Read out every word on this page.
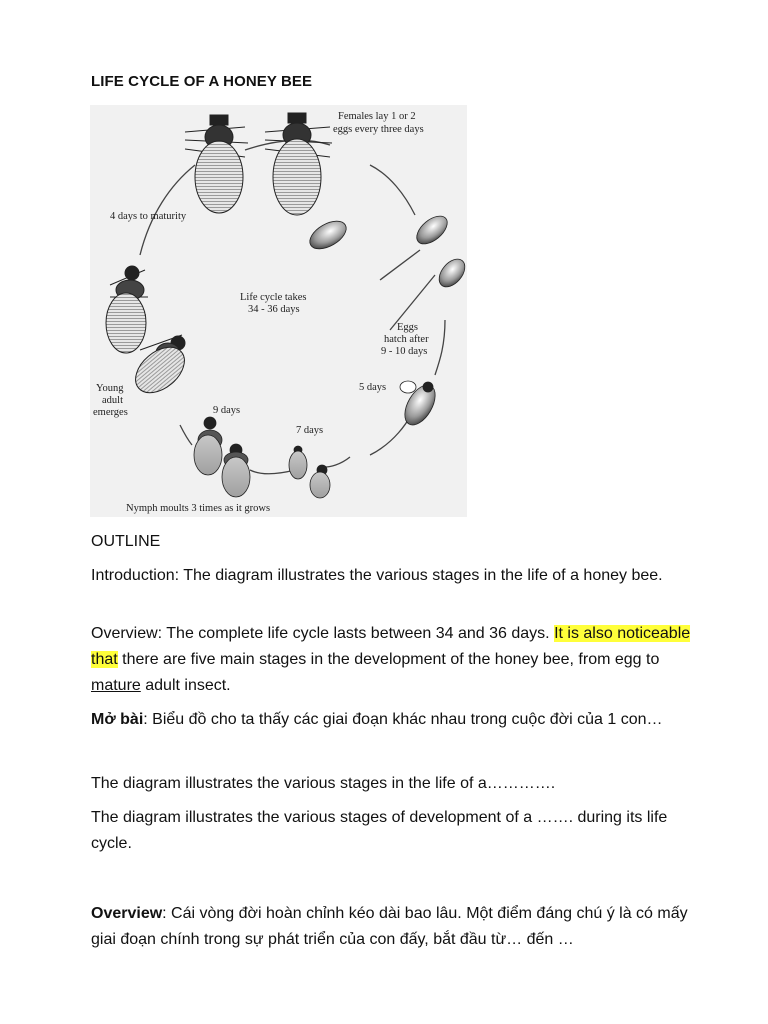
LIFE CYCLE OF A HONEY BEE
Females lay 1 or 2
eggs every three days
4 days to maturity
Life cycle takes
34 - 36 days
Eggs
hatch after
9 - 10 days
5 days
Young
adult
emerges	9 days
7 days
Nymph moults 3 times as it grows
OUTLINE
Introduction: The diagram illustrates the various stages in the life of a honey bee.
Overview: The complete life cycle lasts between 34 and 36 days. It is also noticeable that there are five main stages in the development of the honey bee, from egg to mature adult insect.
Mở bài: Biểu đồ cho ta thấy các giai đoạn khác nhau trong cuộc đời của 1 con…
The diagram illustrates the various stages in the life of a………….
The diagram illustrates the various stages of development of a ……. during its life cycle.
Overview: Cái vòng đời hoàn chỉnh kéo dài bao lâu. Một điểm đáng chú ý là có mấy giai đoạn chính trong sự phát triển của con đấy, bắt đầu từ… đến …
